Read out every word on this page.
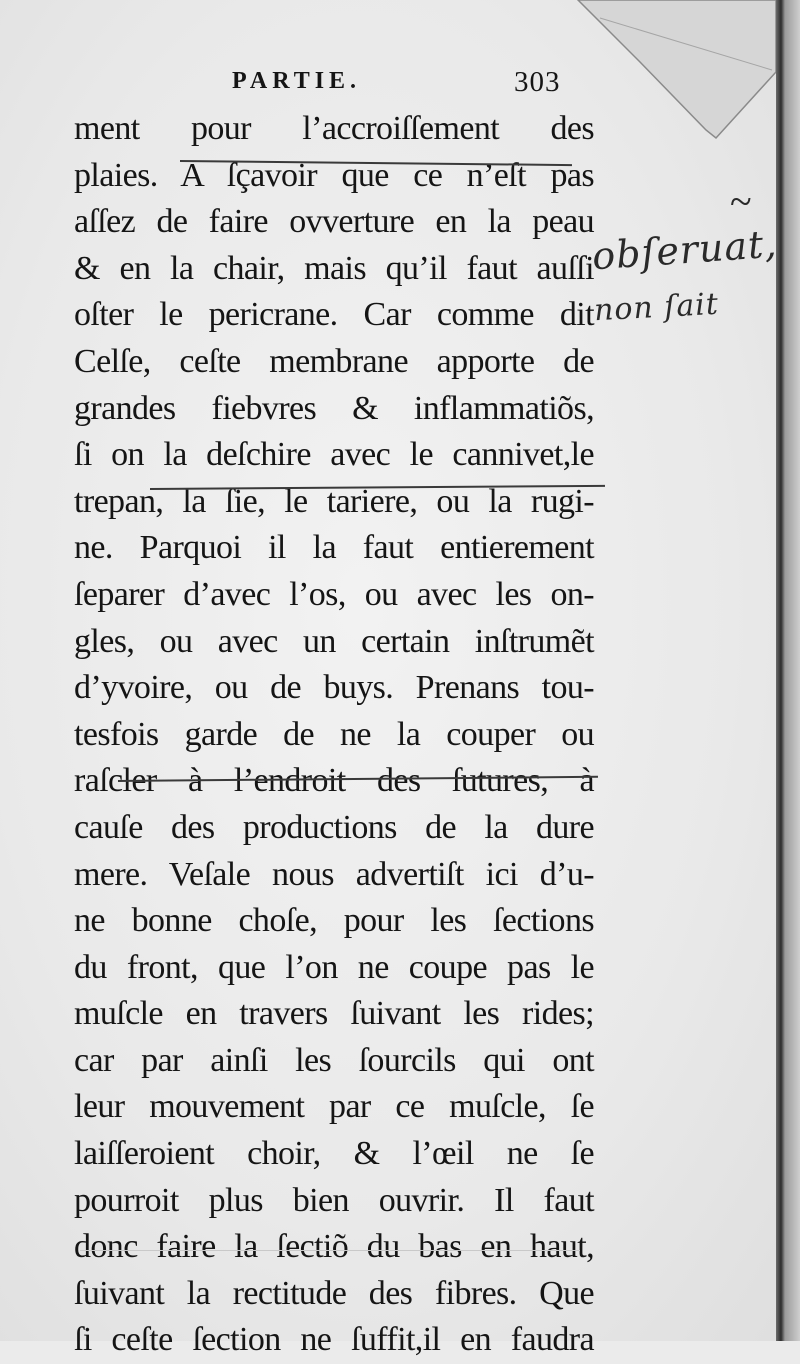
PARTIE.	303
ment pour l’accroiſſement des
plaies. A ſçavoir que ce n’eſt pas
aſſez de faire ovverture en la peau
& en la chair, mais qu’il faut auſſi
oſter le pericrane. Car comme dit
Celſe, ceſte membrane apporte de
grandes fiebvres & inflammatiõs,
ſi on la deſchire avec le cannivet,le
trepan, la ſie, le tariere, ou la rugi-
ne. Parquoi il la faut entierement
ſeparer d’avec l’os, ou avec les on-
gles, ou avec un certain inſtrumẽt
d’yvoire, ou de buys. Prenans tou-
tesfois garde de ne la couper ou
raſcler à l’endroit des ſutures, à
cauſe des productions de la dure
mere. Veſale nous advertiſt ici d’u-
ne bonne choſe, pour les ſections
du front, que l’on ne coupe pas le
muſcle en travers ſuivant les rides;
car par ainſi les ſourcils qui ont
leur mouvement par ce muſcle, ſe
laiſſeroient choir, & l’œil ne ſe
pourroit plus bien ouvrir. Il faut
donc faire la ſectiõ du bas en haut,
ſuivant la rectitude des fibres. Que
ſi ceſte ſection ne ſuffit,il en faudra
~
obſeruat,
non ſait
